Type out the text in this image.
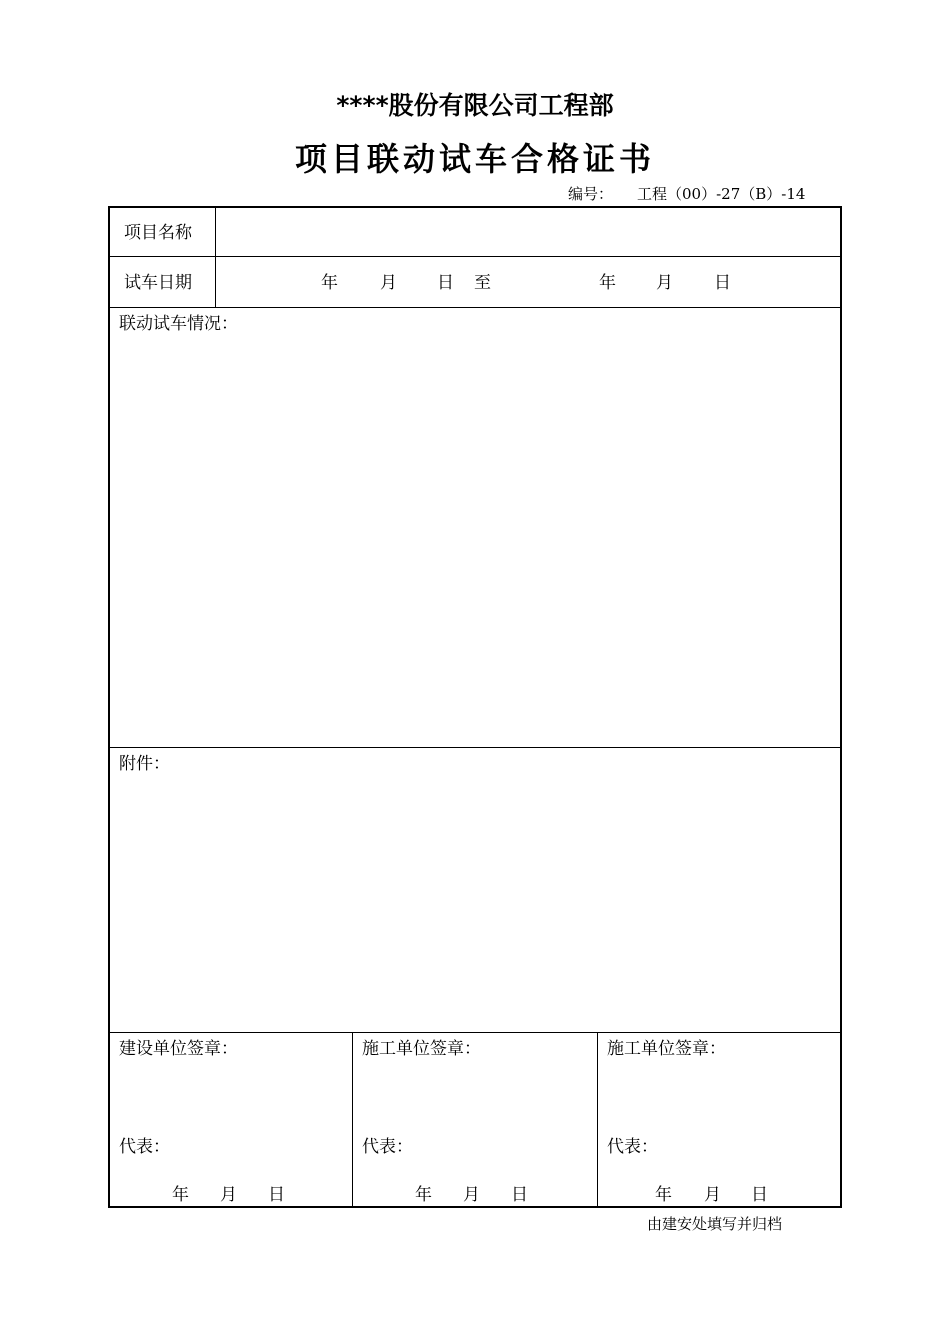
****股份有限公司工程部
项目联动试车合格证书
编号： 工程（00）-27（B）-14
项目名称
试车日期	年 月 日 至	年 月 日
联动试车情况：
附件：
建设单位签章：
代表：
年 月 日
施工单位签章：
代表：
年 月 日
施工单位签章：
代表：
年 月 日
由建安处填写并归档
